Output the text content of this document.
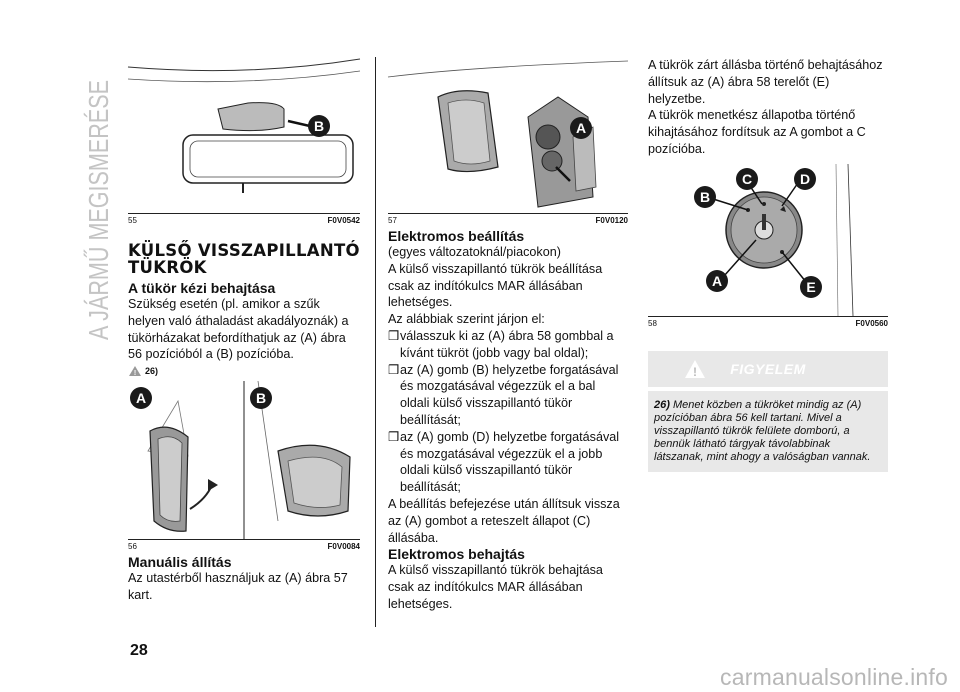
A JÁRMŰ MEGISMERÉSE	B
55	F0V0542
KÜLSŐ VISSZAPILLANTÓ TÜKRÖK
A tükör kézi behajtása

Szükség esetén (pl. amikor a szűk helyen való áthaladást akadályoznák) a tükörházakat befordíthatjuk az (A) ábra 56 pozícióból a (B) pozícióba.

! 26)
A	B
56	F0V0084
Manuális állítás

Az utastérből használjuk az (A) ábra 57 kart.

A
57	F0V0120
Elektromos beállítás

(egyes változatoknál/piacokon)

A külső visszapillantó tükrök beállítása csak az indítókulcs MAR állásában lehetséges.

Az alábbiak szerint járjon el:

❒ válasszuk ki az (A) ábra 58 gombbal a kívánt tükröt (jobb vagy bal oldal);
❒ az (A) gomb (B) helyzetbe forgatásával és mozgatásával végezzük el a bal oldali külső visszapillantó tükör beállítását;
❒ az (A) gomb (D) helyzetbe forgatásával és mozgatásával végezzük el a jobb oldali külső visszapillantó tükör beállítását;

A beállítás befejezése után állítsuk vissza az (A) gombot a reteszelt állapot (C) állásába.

Elektromos behajtás

A külső visszapillantó tükrök behajtása csak az indítókulcs MAR állásában lehetséges.

A tükrök zárt állásba történő behajtásához állítsuk az (A) ábra 58 terelőt (E) helyzetbe.

A tükrök menetkész állapotba történő kihajtásához fordítsuk az A gombot a C pozícióba.

B
C	D
A	E
58	F0V0560
!	FIGYELEM
26) Menet közben a tükröket mindig az (A) pozícióban ábra 56 kell tartani. Mivel a visszapillantó tükrök felülete domború, a bennük látható tárgyak távolabbinak látszanak, mint ahogy a valóságban vannak.
28
carmanualsonline.info
